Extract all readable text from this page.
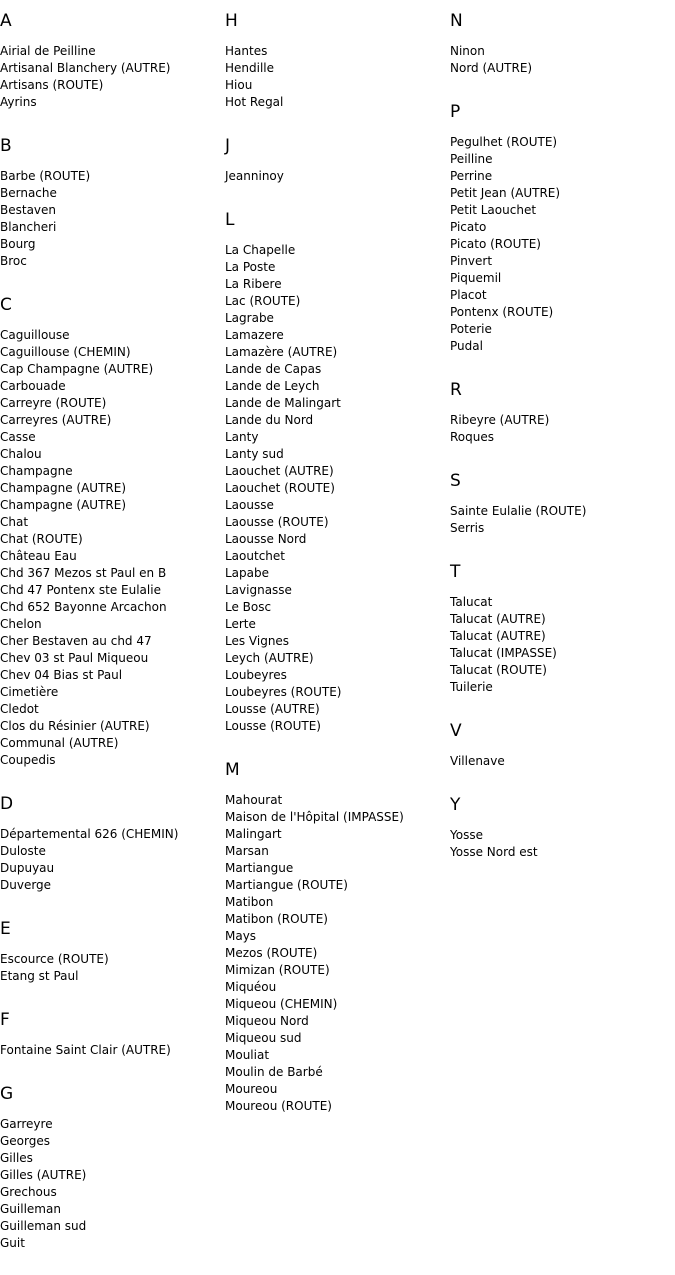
A
Airial de Peilline
Artisanal Blanchery (AUTRE)
Artisans (ROUTE)
Ayrins
B
Barbe (ROUTE)
Bernache
Bestaven
Blancheri
Bourg
Broc
C
Caguillouse
Caguillouse (CHEMIN)
Cap Champagne (AUTRE)
Carbouade
Carreyre (ROUTE)
Carreyres (AUTRE)
Casse
Chalou
Champagne
Champagne (AUTRE)
Champagne (AUTRE)
Chat
Chat (ROUTE)
Château Eau
Chd 367 Mezos st Paul en B
Chd 47 Pontenx ste Eulalie
Chd 652 Bayonne Arcachon
Chelon
Cher Bestaven au chd 47
Chev 03 st Paul Miqueou
Chev 04 Bias st Paul
Cimetière
Cledot
Clos du Résinier (AUTRE)
Communal (AUTRE)
Coupedis
D
Départemental 626 (CHEMIN)
Duloste
Dupuyau
Duverge
E
Escource (ROUTE)
Etang st Paul
F
Fontaine Saint Clair (AUTRE)
G
Garreyre
Georges
Gilles
Gilles (AUTRE)
Grechous
Guilleman
Guilleman sud
Guit
H
Hantes
Hendille
Hiou
Hot Regal
J
Jeanninoy
L
La Chapelle
La Poste
La Ribere
Lac (ROUTE)
Lagrabe
Lamazere
Lamazère (AUTRE)
Lande de Capas
Lande de Leych
Lande de Malingart
Lande du Nord
Lanty
Lanty sud
Laouchet (AUTRE)
Laouchet (ROUTE)
Laousse
Laousse (ROUTE)
Laousse Nord
Laoutchet
Lapabe
Lavignasse
Le Bosc
Lerte
Les Vignes
Leych (AUTRE)
Loubeyres
Loubeyres (ROUTE)
Lousse (AUTRE)
Lousse (ROUTE)
M
Mahourat
Maison de l'Hôpital (IMPASSE)
Malingart
Marsan
Martiangue
Martiangue (ROUTE)
Matibon
Matibon (ROUTE)
Mays
Mezos (ROUTE)
Mimizan (ROUTE)
Miquéou
Miqueou (CHEMIN)
Miqueou Nord
Miqueou sud
Mouliat
Moulin de Barbé
Moureou
Moureou (ROUTE)
N
Ninon
Nord (AUTRE)
P
Pegulhet (ROUTE)
Peilline
Perrine
Petit Jean (AUTRE)
Petit Laouchet
Picato
Picato (ROUTE)
Pinvert
Piquemil
Placot
Pontenx (ROUTE)
Poterie
Pudal
R
Ribeyre (AUTRE)
Roques
S
Sainte Eulalie (ROUTE)
Serris
T
Talucat
Talucat (AUTRE)
Talucat (AUTRE)
Talucat (IMPASSE)
Talucat (ROUTE)
Tuilerie
V
Villenave
Y
Yosse
Yosse Nord est
